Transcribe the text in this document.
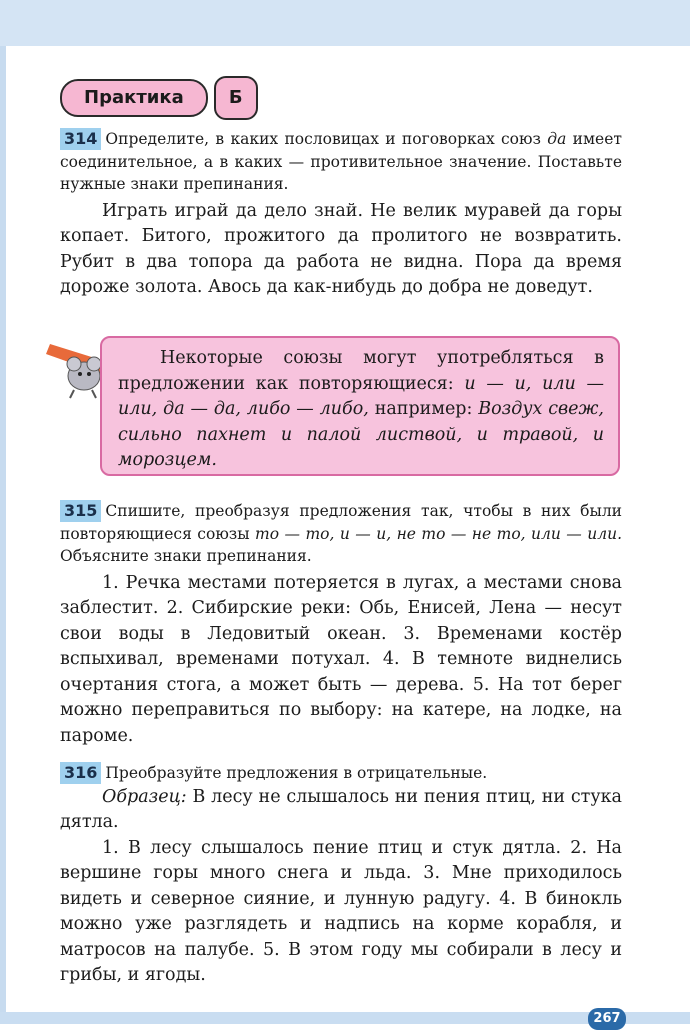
Практика	Б

314 Определите, в каких пословицах и поговорках союз да имеет соединительное, а в каких — противительное значение. Поставьте нужные знаки препинания.

Играть играй да дело знай. Не велик муравей да горы копает. Битого, прожитого да пролитого не возвратить. Рубит в два топора да работа не видна. Пора да время дороже золота. Авось да как-нибудь до добра не доведут.

Некоторые союзы могут употребляться в предложении как повторяющиеся: и — и, или — или, да — да, либо — либо, например: Воздух свеж, сильно пахнет и палой листвой, и травой, и морозцем.

315 Спишите, преобразуя предложения так, чтобы в них были повторяющиеся союзы то — то, и — и, не то — не то, или — или. Объясните знаки препинания.

1. Речка местами потеряется в лугах, а местами снова заблестит. 2. Сибирские реки: Обь, Енисей, Лена — несут свои воды в Ледовитый океан. 3. Временами костёр вспыхивал, временами потухал. 4. В темноте виднелись очертания стога, а может быть — дерева. 5. На тот берег можно переправиться по выбору: на катере, на лодке, на пароме.

316 Преобразуйте предложения в отрицательные.

Образец: В лесу не слышалось ни пения птиц, ни стука дятла.

1. В лесу слышалось пение птиц и стук дятла. 2. На вершине горы много снега и льда. 3. Мне приходилось видеть и северное сияние, и лунную радугу. 4. В бинокль можно уже разглядеть и надпись на корме корабля, и матросов на палубе. 5. В этом году мы собирали в лесу и грибы, и ягоды.

267
